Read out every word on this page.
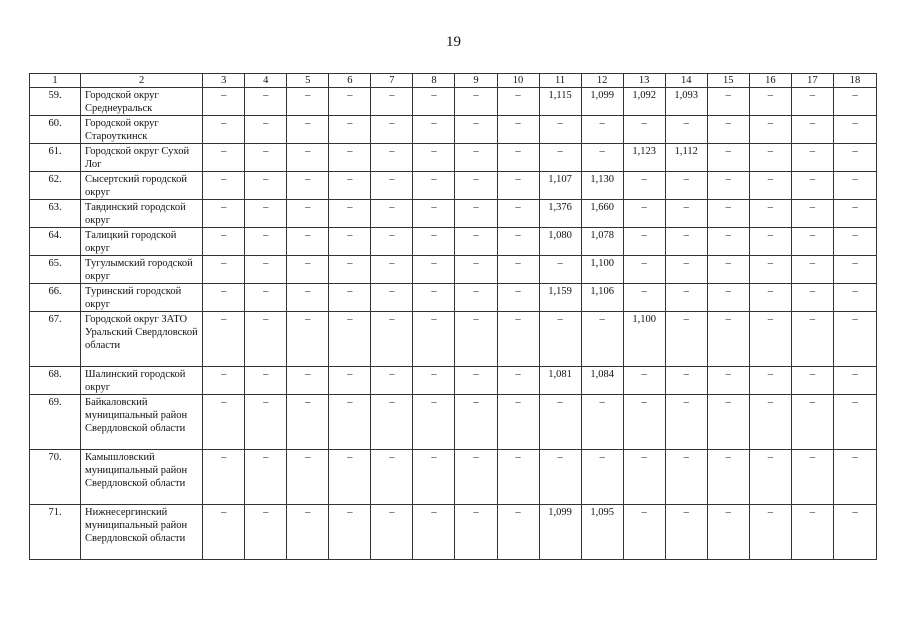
19
1	2	3	4	5	6	7	8	9	10	11	12	13	14	15	16	17	18
59.	Городской округ Среднеуральск	–	–	–	–	–	–	–	–	1,115	1,099	1,092	1,093	–	–	–	–
60.	Городской округ Староуткинск	–	–	–	–	–	–	–	–	–	–	–	–	–	–	–	–
61.	Городской округ Сухой Лог	–	–	–	–	–	–	–	–	–	–	1,123	1,112	–	–	–	–
62.	Сысертский городской округ	–	–	–	–	–	–	–	–	1,107	1,130	–	–	–	–	–	–
63.	Тавдинский городской округ	–	–	–	–	–	–	–	–	1,376	1,660	–	–	–	–	–	–
64.	Талицкий городской округ	–	–	–	–	–	–	–	–	1,080	1,078	–	–	–	–	–	–
65.	Тугулымский городской округ	–	–	–	–	–	–	–	–	–	1,100	–	–	–	–	–	–
66.	Туринский городской округ	–	–	–	–	–	–	–	–	1,159	1,106	–	–	–	–	–	–
67.	Городской округ ЗАТО Уральский Свердловской области	–	–	–	–	–	–	–	–	–	–	1,100	–	–	–	–	–
68.	Шалинский городской округ	–	–	–	–	–	–	–	–	1,081	1,084	–	–	–	–	–	–
69.	Байкаловский муниципальный район Свердловской области	–	–	–	–	–	–	–	–	–	–	–	–	–	–	–	–
70.	Камышловский муниципальный район Свердловской области	–	–	–	–	–	–	–	–	–	–	–	–	–	–	–	–
71.	Нижнесергинский муниципальный район Свердловской области	–	–	–	–	–	–	–	–	1,099	1,095	–	–	–	–	–	–
